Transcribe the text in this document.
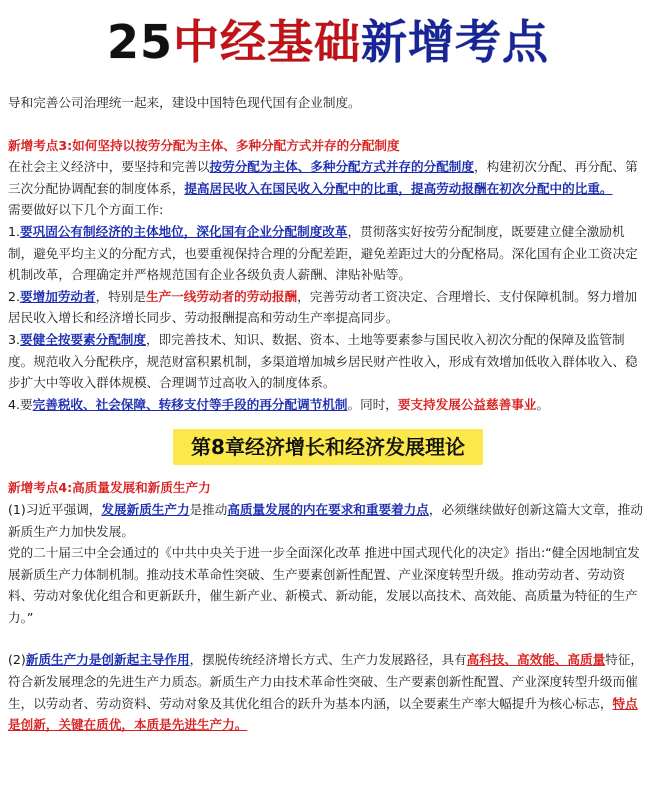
25中经基础新增考点

导和完善公司治理统一起来，建设中国特色现代国有企业制度。

新增考点3:如何坚持以按劳分配为主体、多种分配方式并存的分配制度

在社会主义经济中，要坚持和完善以按劳分配为主体、多种分配方式并存的分配制度，构建初次分配、再分配、第三次分配协调配套的制度体系，提高居民收入在国民收入分配中的比重，提高劳动报酬在初次分配中的比重。

需要做好以下几个方面工作:

1.要巩固公有制经济的主体地位，深化国有企业分配制度改革，贯彻落实好按劳分配制度，既要建立健全激励机制，避免平均主义的分配方式，也要重视保持合理的分配差距，避免差距过大的分配格局。深化国有企业工资决定机制改革，合理确定并严格规范国有企业各级负责人薪酬、津贴补贴等。

2.要增加劳动者，特别是生产一线劳动者的劳动报酬，完善劳动者工资决定、合理增长、支付保障机制。努力增加居民收入增长和经济增长同步、劳动报酬提高和劳动生产率提高同步。

3.要健全按要素分配制度，即完善技术、知识、数据、资本、土地等要素参与国民收入初次分配的保障及监管制度。规范收入分配秩序，规范财富积累机制，多渠道增加城乡居民财产性收入，形成有效增加低收入群体收入、稳步扩大中等收入群体规模、合理调节过高收入的制度体系。

4.要完善税收、社会保障、转移支付等手段的再分配调节机制。同时，要支持发展公益慈善事业。

第8章经济增长和经济发展理论

新增考点4:高质量发展和新质生产力

(1)习近平强调，发展新质生产力是推动高质量发展的内在要求和重要着力点，必须继续做好创新这篇大文章，推动新质生产力加快发展。

党的二十届三中全会通过的《中共中央关于进一步全面深化改革 推进中国式现代化的决定》指出:“健全因地制宜发展新质生产力体制机制。推动技术革命性突破、生产要素创新性配置、产业深度转型升级。推动劳动者、劳动资料、劳动对象优化组合和更新跃升，催生新产业、新模式、新动能，发展以高技术、高效能、高质量为特征的生产力。”

(2)新质生产力是创新起主导作用，摆脱传统经济增长方式、生产力发展路径，具有高科技、高效能、高质量特征，符合新发展理念的先进生产力质态。新质生产力由技术革命性突破、生产要素创新性配置、产业深度转型升级而催生，以劳动者、劳动资料、劳动对象及其优化组合的跃升为基本内涵，以全要素生产率大幅提升为核心标志，特点是创新，关键在质优，本质是先进生产力。
